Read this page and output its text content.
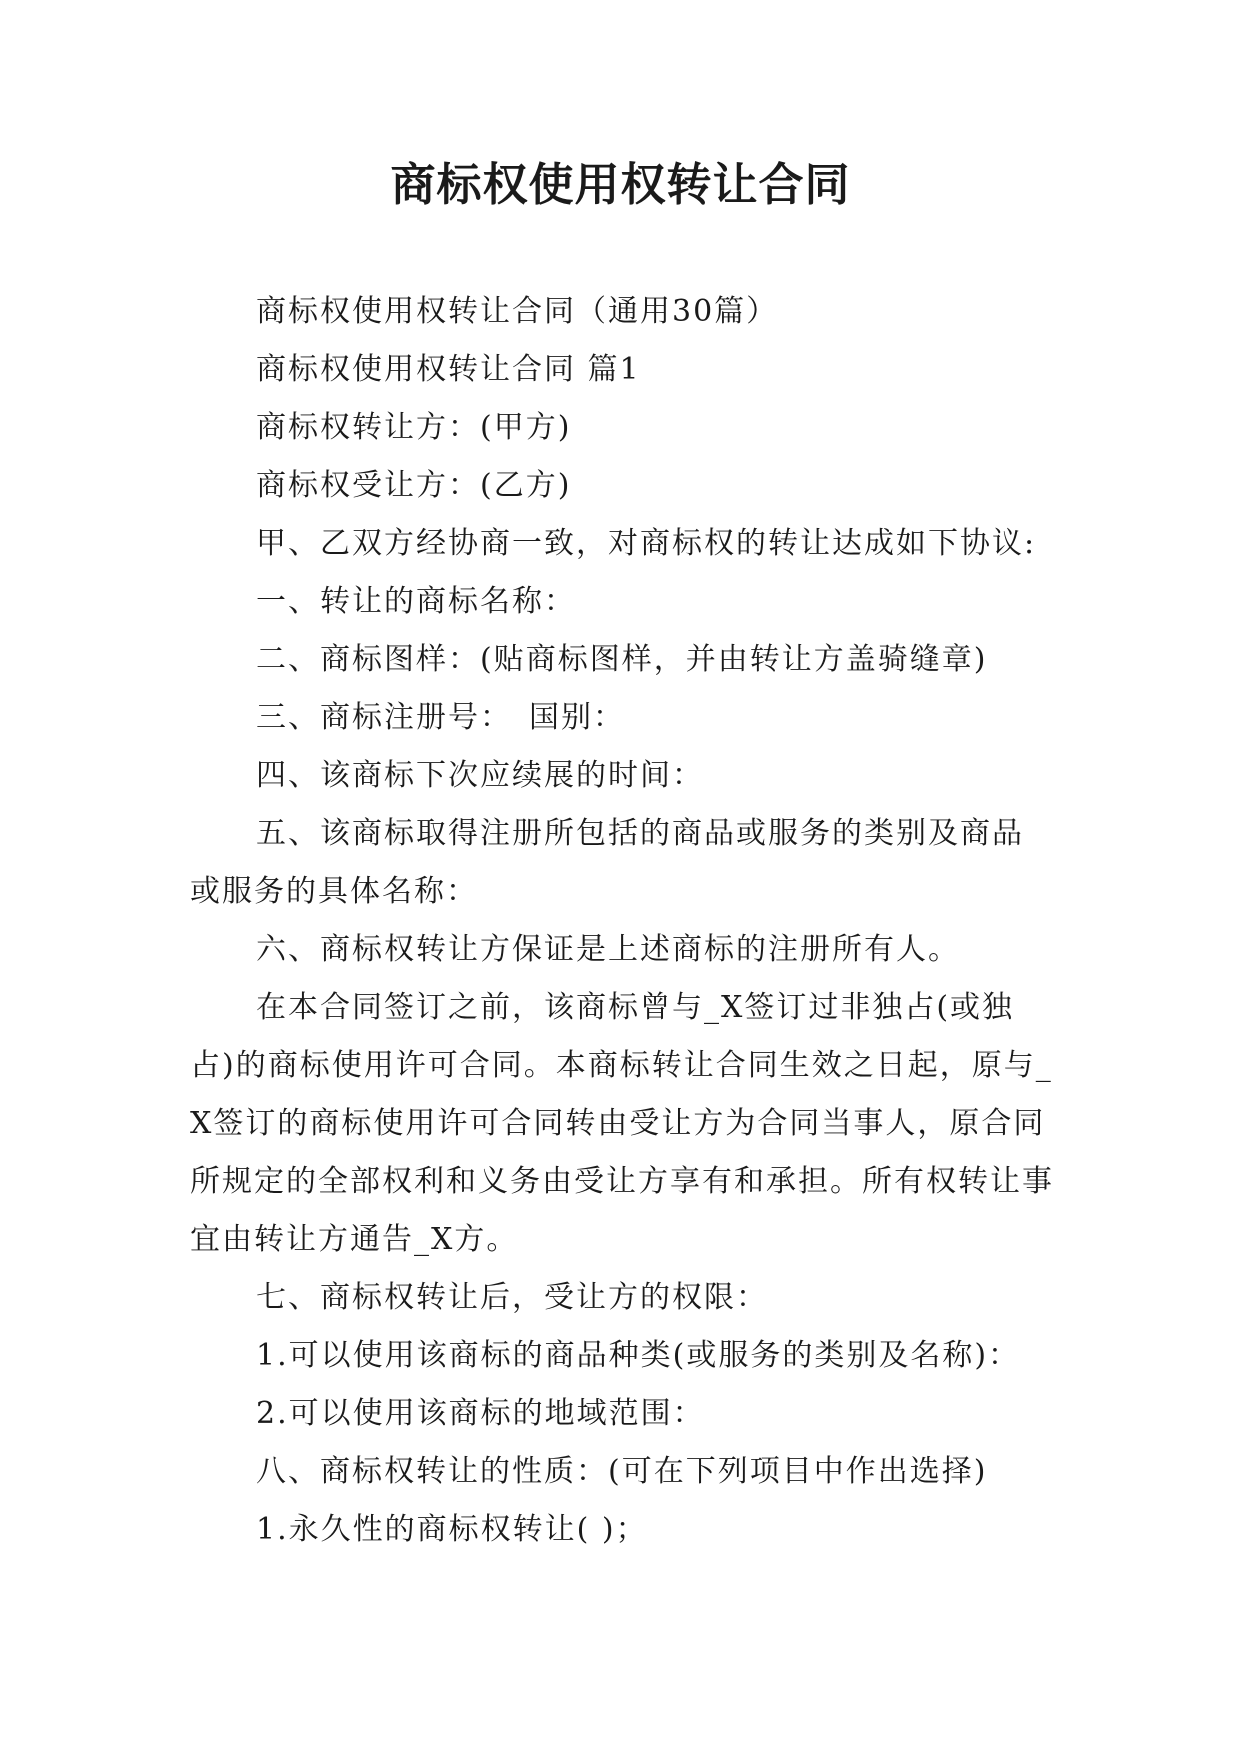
商标权使用权转让合同

商标权使用权转让合同（通用30篇）

商标权使用权转让合同 篇1

商标权转让方：(甲方)

商标权受让方：(乙方)

甲、乙双方经协商一致，对商标权的转让达成如下协议:

一、转让的商标名称：

二、商标图样：(贴商标图样，并由转让方盖骑缝章)

三、商标注册号：　国别：

四、该商标下次应续展的时间：

五、该商标取得注册所包括的商品或服务的类别及商品或服务的具体名称：

六、商标权转让方保证是上述商标的注册所有人。

在本合同签订之前，该商标曾与_X签订过非独占(或独占)的商标使用许可合同。本商标转让合同生效之日起，原与_X签订的商标使用许可合同转由受让方为合同当事人，原合同所规定的全部权利和义务由受让方享有和承担。所有权转让事宜由转让方通告_X方。

七、商标权转让后，受让方的权限：

1.可以使用该商标的商品种类(或服务的类别及名称)：

2.可以使用该商标的地域范围：

八、商标权转让的性质：(可在下列项目中作出选择)

1.永久性的商标权转让( )；
